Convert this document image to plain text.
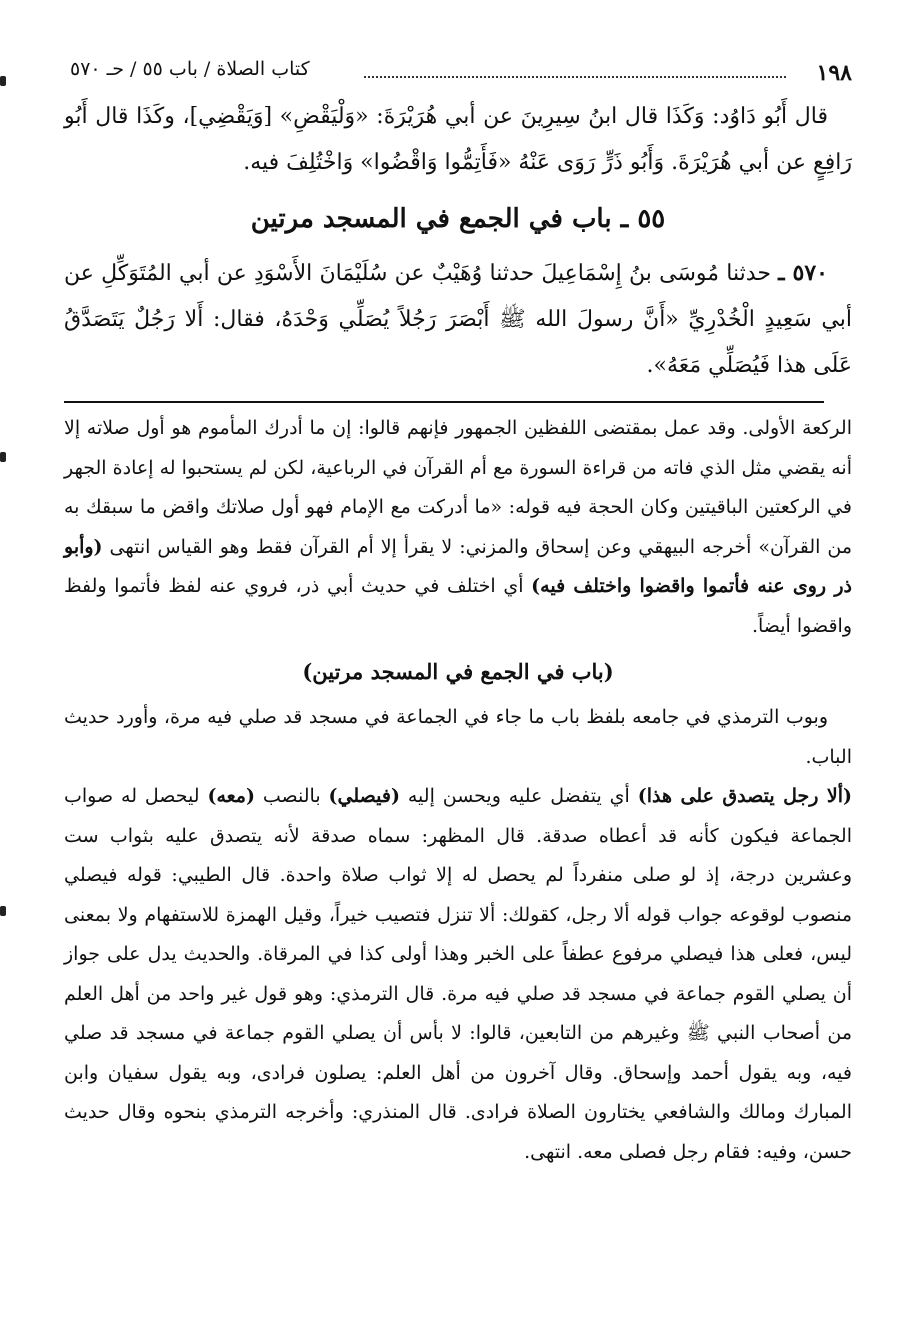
١٩٨
كتاب الصلاة / باب ٥٥ / حـ ٥٧٠

قال أَبُو دَاوُد: وَكَذَا قال ابنُ سِيرِينَ عن أبي هُرَيْرَةَ: «وَلْيَقْضِ» [وَيَقْضِي]، وكَذَا قال أَبُو رَافِعٍ عن أبي هُرَيْرَةَ. وَأَبُو ذَرٍّ رَوَى عَنْهُ «فَأَتِمُّوا وَاقْضُوا» وَاخْتُلِفَ فيه.

٥٥ ـ باب في الجمع في المسجد مرتين

٥٧٠ ـ حدثنا مُوسَى بنُ إِسْمَاعِيلَ حدثنا وُهَيْبٌ عن سُلَيْمَانَ الأَسْوَدِ عن أبي المُتَوَكِّلِ عن أبي سَعِيدٍ الْخُدْرِيِّ «أَنَّ رسولَ الله ﷺ أَبْصَرَ رَجُلاً يُصَلِّي وَحْدَهُ، فقال: أَلا رَجُلٌ يَتَصَدَّقُ عَلَى هذا فَيُصَلِّي مَعَهُ».

الركعة الأولى. وقد عمل بمقتضى اللفظين الجمهور فإنهم قالوا: إن ما أدرك المأموم هو أول صلاته إلا أنه يقضي مثل الذي فاته من قراءة السورة مع أم القرآن في الرباعية، لكن لم يستحبوا له إعادة الجهر في الركعتين الباقيتين وكان الحجة فيه قوله: «ما أدركت مع الإمام فهو أول صلاتك واقض ما سبقك به من القرآن» أخرجه البيهقي وعن إسحاق والمزني: لا يقرأ إلا أم القرآن فقط وهو القياس انتهى (وأبو ذر روى عنه فأتموا واقضوا واختلف فيه) أي اختلف في حديث أبي ذر، فروي عنه لفظ فأتموا ولفظ واقضوا أيضاً.

(باب في الجمع في المسجد مرتين)

وبوب الترمذي في جامعه بلفظ باب ما جاء في الجماعة في مسجد قد صلي فيه مرة، وأورد حديث الباب.

(ألا رجل يتصدق على هذا) أي يتفضل عليه ويحسن إليه (فيصلي) بالنصب (معه) ليحصل له صواب الجماعة فيكون كأنه قد أعطاه صدقة. قال المظهر: سماه صدقة لأنه يتصدق عليه بثواب ست وعشرين درجة، إذ لو صلى منفرداً لم يحصل له إلا ثواب صلاة واحدة. قال الطيبي: قوله فيصلي منصوب لوقوعه جواب قوله ألا رجل، كقولك: ألا تنزل فتصيب خيراً، وقيل الهمزة للاستفهام ولا بمعنى ليس، فعلى هذا فيصلي مرفوع عطفاً على الخبر وهذا أولى كذا في المرقاة. والحديث يدل على جواز أن يصلي القوم جماعة في مسجد قد صلي فيه مرة. قال الترمذي: وهو قول غير واحد من أهل العلم من أصحاب النبي ﷺ وغيرهم من التابعين، قالوا: لا بأس أن يصلي القوم جماعة في مسجد قد صلي فيه، وبه يقول أحمد وإسحاق. وقال آخرون من أهل العلم: يصلون فرادى، وبه يقول سفيان وابن المبارك ومالك والشافعي يختارون الصلاة فرادى. قال المنذري: وأخرجه الترمذي بنحوه وقال حديث حسن، وفيه: فقام رجل فصلى معه. انتهى.
